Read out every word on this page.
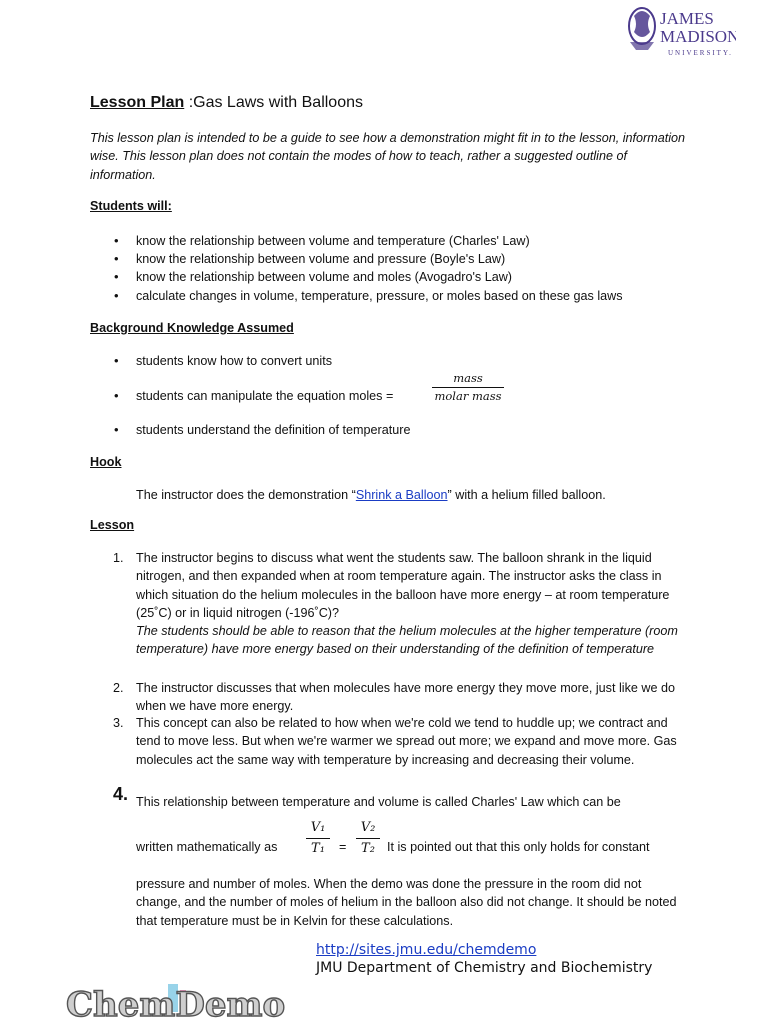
JAMES
MADISON
UNIVERSITY.
Lesson Plan :Gas Laws with Balloons
This lesson plan is intended to be a guide to see how a demonstration might fit in to the lesson, information wise. This lesson plan does not contain the modes of how to teach, rather a suggested outline of information.
Students will:
• know the relationship between volume and temperature (Charles' Law)
• know the relationship between volume and pressure (Boyle's Law)
• know the relationship between volume and moles (Avogadro's Law)
• calculate changes in volume, temperature, pressure, or moles based on these gas laws
Background Knowledge Assumed
• students know how to convert units
• students can manipulate the equation moles =
mass
molar mass
• students understand the definition of temperature
Hook
The instructor does the demonstration “Shrink a Balloon” with a helium filled balloon.
Lesson
1. The instructor begins to discuss what went the students saw. The balloon shrank in the liquid nitrogen, and then expanded when at room temperature again. The instructor asks the class in which situation do the helium molecules in the balloon have more energy – at room temperature (25˚C) or in liquid nitrogen (-196˚C)?
The students should be able to reason that the helium molecules at the higher temperature (room temperature) have more energy based on their understanding of the definition of temperature
2. The instructor discusses that when molecules have more energy they move more, just like we do when we have more energy.
3. This concept can also be related to how when we're cold we tend to huddle up; we contract and tend to move less. But when we're warmer we spread out more; we expand and move more. Gas molecules act the same way with temperature by increasing and decreasing their volume.
4. This relationship between temperature and volume is called Charles' Law which can be
written mathematically as $\frac{\text{V₁}}{\text{T₁}} = \frac{\text{V₂}}{\text{T₂}}$ It is pointed out that this only holds for constant
pressure and number of moles. When the demo was done the pressure in the room did not change, and the number of moles of helium in the balloon also did not change. It should be noted that temperature must be in Kelvin for these calculations.
http://sites.jmu.edu/chemdemo
JMU Department of Chemistry and Biochemistry
ChemDemo
